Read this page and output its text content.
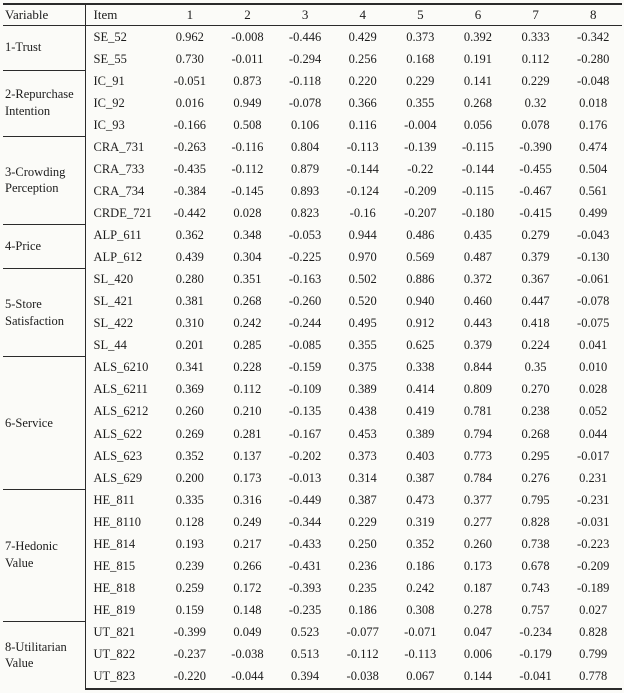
Variable	Item	1	2	3	4	5	6	7	8
1-Trust	SE_52	0.962	-0.008	-0.446	0.429	0.373	0.392	0.333	-0.342
	SE_55	0.730	-0.011	-0.294	0.256	0.168	0.191	0.112	-0.280
2-Repurchase Intention	IC_91	-0.051	0.873	-0.118	0.220	0.229	0.141	0.229	-0.048
	IC_92	0.016	0.949	-0.078	0.366	0.355	0.268	0.32	0.018
	IC_93	-0.166	0.508	0.106	0.116	-0.004	0.056	0.078	0.176
3-Crowding Perception	CRA_731	-0.263	-0.116	0.804	-0.113	-0.139	-0.115	-0.390	0.474
	CRA_733	-0.435	-0.112	0.879	-0.144	-0.22	-0.144	-0.455	0.504
	CRA_734	-0.384	-0.145	0.893	-0.124	-0.209	-0.115	-0.467	0.561
	CRDE_721	-0.442	0.028	0.823	-0.16	-0.207	-0.180	-0.415	0.499
4-Price	ALP_611	0.362	0.348	-0.053	0.944	0.486	0.435	0.279	-0.043
	ALP_612	0.439	0.304	-0.225	0.970	0.569	0.487	0.379	-0.130
5-Store Satisfaction	SL_420	0.280	0.351	-0.163	0.502	0.886	0.372	0.367	-0.061
	SL_421	0.381	0.268	-0.260	0.520	0.940	0.460	0.447	-0.078
	SL_422	0.310	0.242	-0.244	0.495	0.912	0.443	0.418	-0.075
	SL_44	0.201	0.285	-0.085	0.355	0.625	0.379	0.224	0.041
6-Service	ALS_6210	0.341	0.228	-0.159	0.375	0.338	0.844	0.35	0.010
	ALS_6211	0.369	0.112	-0.109	0.389	0.414	0.809	0.270	0.028
	ALS_6212	0.260	0.210	-0.135	0.438	0.419	0.781	0.238	0.052
	ALS_622	0.269	0.281	-0.167	0.453	0.389	0.794	0.268	0.044
	ALS_623	0.352	0.137	-0.202	0.373	0.403	0.773	0.295	-0.017
	ALS_629	0.200	0.173	-0.013	0.314	0.387	0.784	0.276	0.231
7-Hedonic Value	HE_811	0.335	0.316	-0.449	0.387	0.473	0.377	0.795	-0.231
	HE_8110	0.128	0.249	-0.344	0.229	0.319	0.277	0.828	-0.031
	HE_814	0.193	0.217	-0.433	0.250	0.352	0.260	0.738	-0.223
	HE_815	0.239	0.266	-0.431	0.236	0.186	0.173	0.678	-0.209
	HE_818	0.259	0.172	-0.393	0.235	0.242	0.187	0.743	-0.189
	HE_819	0.159	0.148	-0.235	0.186	0.308	0.278	0.757	0.027
8-Utilitarian Value	UT_821	-0.399	0.049	0.523	-0.077	-0.071	0.047	-0.234	0.828
	UT_822	-0.237	-0.038	0.513	-0.112	-0.113	0.006	-0.179	0.799
	UT_823	-0.220	-0.044	0.394	-0.038	0.067	0.144	-0.041	0.778
